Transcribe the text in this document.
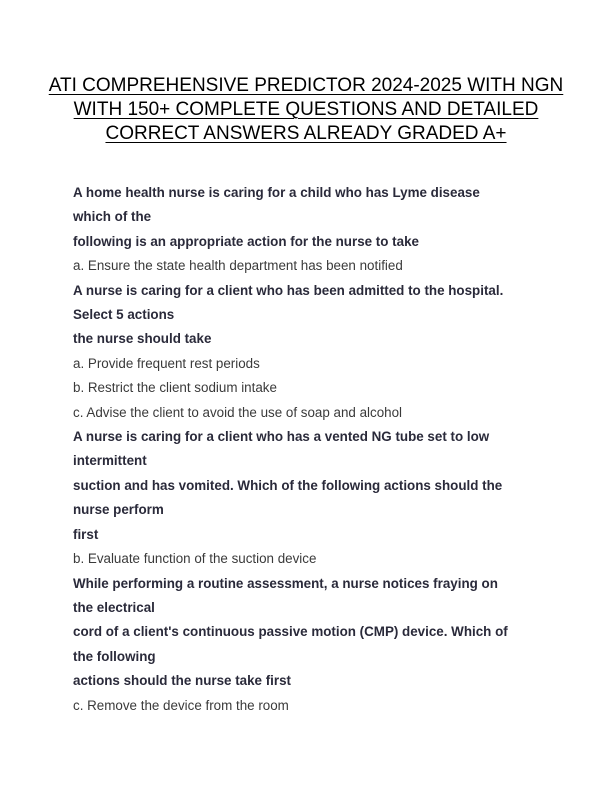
ATI COMPREHENSIVE PREDICTOR 2024-2025 WITH NGN
WITH 150+ COMPLETE QUESTIONS AND DETAILED
CORRECT ANSWERS ALREADY GRADED A+
A home health nurse is caring for a child who has Lyme disease
which of the
following is an appropriate action for the nurse to take
a. Ensure the state health department has been notified
A nurse is caring for a client who has been admitted to the hospital.
Select 5 actions
the nurse should take
a. Provide frequent rest periods
b. Restrict the client sodium intake
c. Advise the client to avoid the use of soap and alcohol
A nurse is caring for a client who has a vented NG tube set to low
intermittent
suction and has vomited. Which of the following actions should the
nurse perform
first
b. Evaluate function of the suction device
While performing a routine assessment, a nurse notices fraying on
the electrical
cord of a client's continuous passive motion (CMP) device. Which of
the following
actions should the nurse take first
c. Remove the device from the room
